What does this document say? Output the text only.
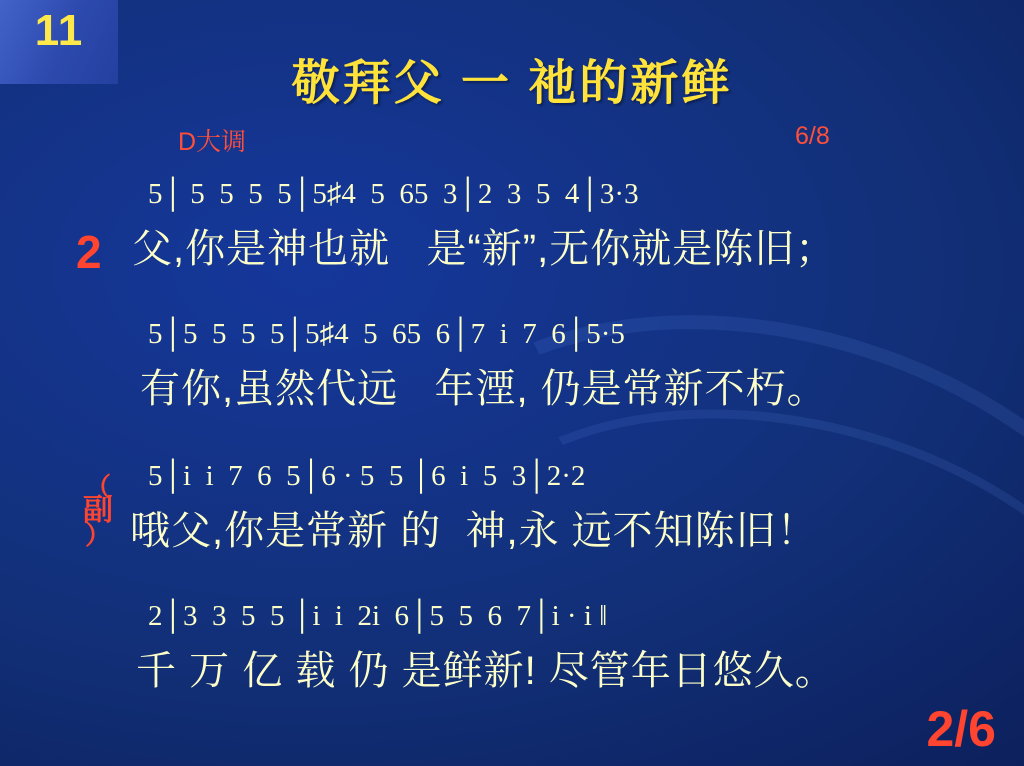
11
敬拜父 一 祂的新鲜
D大调	6/8
2
（
副
）
5│ 5  5  5  5│5♯4  5  65  3│2  3  5  4│3·3
父,你是神也就   是“新”,无你就是陈旧；
5│5  5  5  5│5♯4  5  65  6│7  i  7  6│5·5
有你,虽然代远   年湮, 仍是常新不朽。
5│i  i  7  6  5│6 · 5  5 │6  i  5  3│2·2
哦父,你是常新 的  神,永 远不知陈旧！
2│3  3  5  5 │i  i  2i  6│5  5  6  7│i · i ‖
千 万 亿 载 仍 是鲜新! 尽管年日悠久。
2/6
